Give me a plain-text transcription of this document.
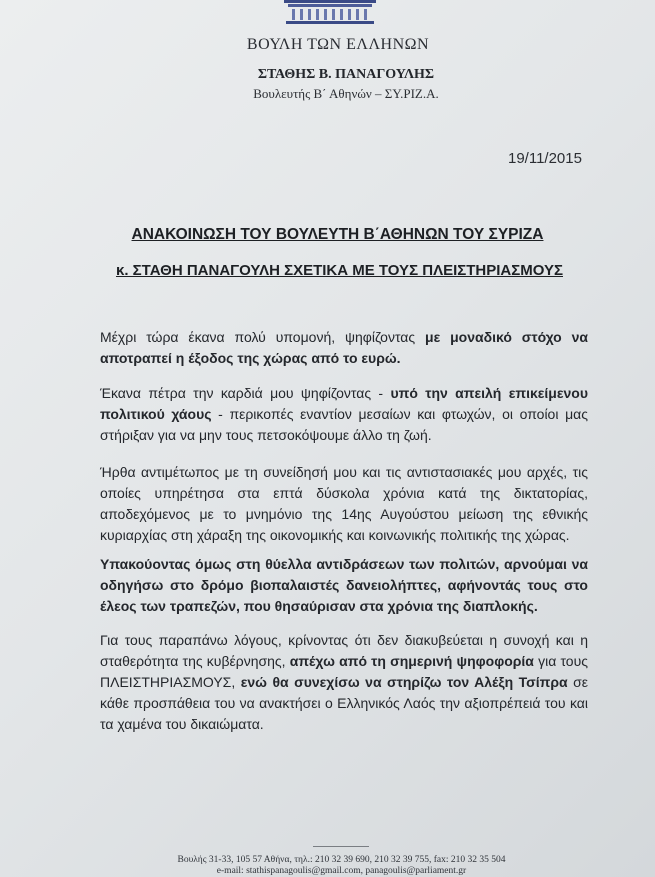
ΒΟΥΛΗ ΤΩΝ ΕΛΛΗΝΩΝ
ΣΤΑΘΗΣ Β. ΠΑΝΑΓΟΥΛΗΣ
Βουλευτής Β΄ Αθηνών – ΣΥ.ΡΙΖ.Α.
19/11/2015
ΑΝΑΚΟΙΝΩΣΗ ΤΟΥ ΒΟΥΛΕΥΤΗ Β΄ΑΘΗΝΩΝ ΤΟΥ ΣΥΡΙΖΑ
κ. ΣΤΑΘΗ ΠΑΝΑΓΟΥΛΗ ΣΧΕΤΙΚΑ ΜΕ ΤΟΥΣ ΠΛΕΙΣΤΗΡΙΑΣΜΟΥΣ

Μέχρι τώρα έκανα πολύ υπομονή, ψηφίζοντας με μοναδικό στόχο να αποτραπεί η έξοδος της χώρας από το ευρώ.

Έκανα πέτρα την καρδιά μου ψηφίζοντας - υπό την απειλή επικείμενου πολιτικού χάους - περικοπές εναντίον μεσαίων και φτωχών, οι οποίοι μας στήριξαν για να μην τους πετσοκόψουμε άλλο τη ζωή.

Ήρθα αντιμέτωπος με τη συνείδησή μου και τις αντιστασιακές μου αρχές, τις οποίες υπηρέτησα στα επτά δύσκολα χρόνια κατά της δικτατορίας, αποδεχόμενος με το μνημόνιο της 14ης Αυγούστου μείωση της εθνικής κυριαρχίας στη χάραξη της οικονομικής και κοινωνικής πολιτικής της χώρας.

Υπακούοντας όμως στη θύελλα αντιδράσεων των πολιτών, αρνούμαι να οδηγήσω στο δρόμο βιοπαλαιστές δανειολήπτες, αφήνοντάς τους στο έλεος των τραπεζών, που θησαύρισαν στα χρόνια της διαπλοκής.

Για τους παραπάνω λόγους, κρίνοντας ότι δεν διακυβεύεται η συνοχή και η σταθερότητα της κυβέρνησης, απέχω από τη σημερινή ψηφοφορία για τους ΠΛΕΙΣΤΗΡΙΑΣΜΟΥΣ, ενώ θα συνεχίσω να στηρίζω τον Αλέξη Τσίπρα σε κάθε προσπάθεια του να ανακτήσει ο Ελληνικός Λαός την αξιοπρέπειά του και τα χαμένα του δικαιώματα.

Βουλής 31-33, 105 57 Αθήνα, τηλ.: 210 32 39 690, 210 32 39 755, fax: 210 32 35 504
e-mail: stathispanagoulis@gmail.com, panagoulis@parliament.gr
